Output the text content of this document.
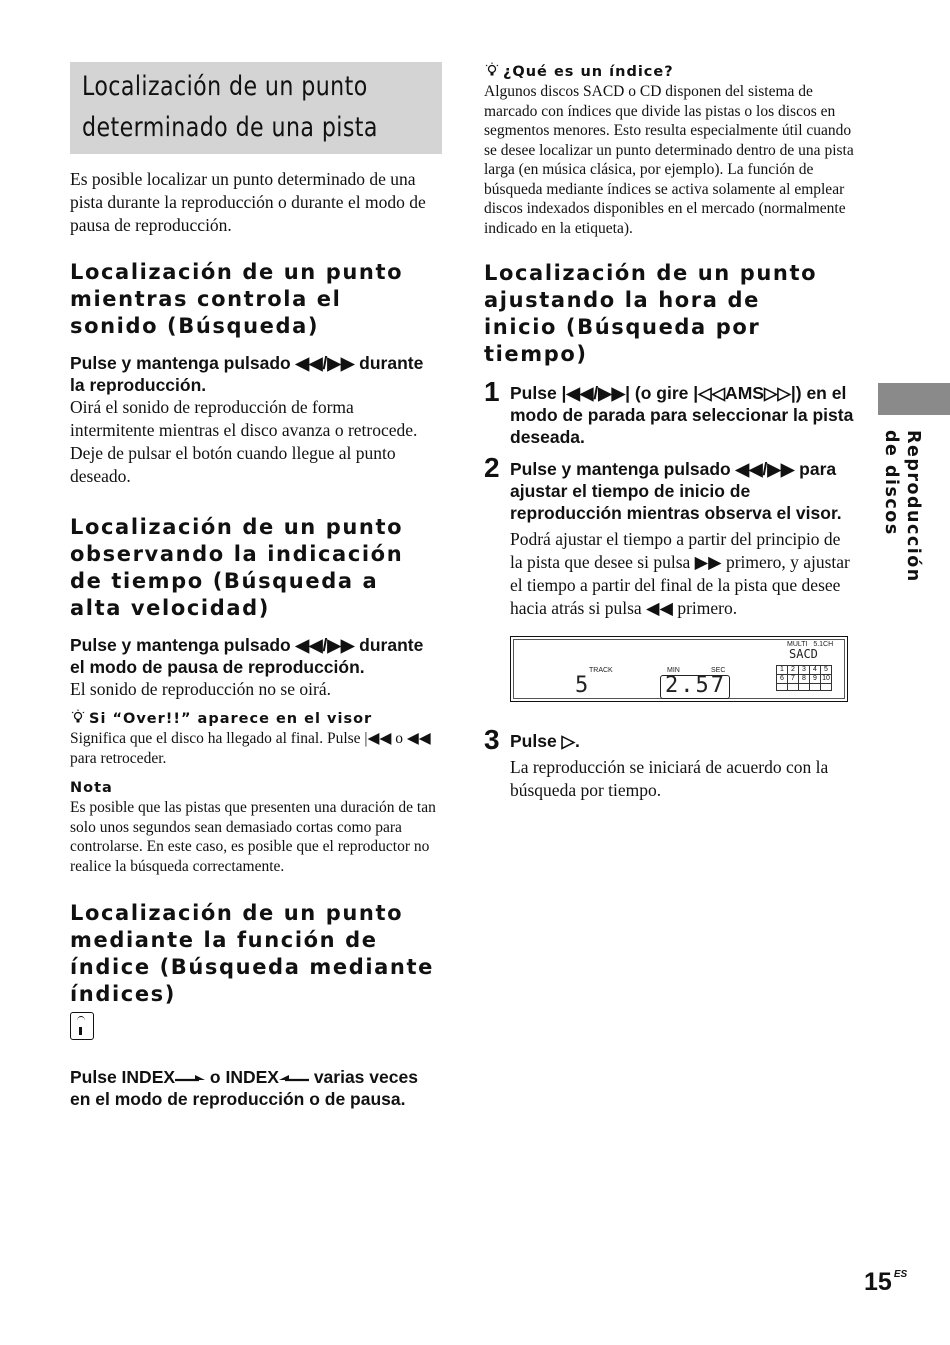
Localización de un punto
determinado de una pista

Es posible localizar un punto determinado de una pista durante la reproducción o durante el modo de pausa de reproducción.

Localización de un punto mientras controla el sonido (Búsqueda)

Pulse y mantenga pulsado ◀◀/▶▶ durante
la reproducción.

Oirá el sonido de reproducción de forma intermitente mientras el disco avanza o retrocede. Deje de pulsar el botón cuando llegue al punto deseado.

Localización de un punto observando la indicación de tiempo (Búsqueda a alta velocidad)

Pulse y mantenga pulsado ◀◀/▶▶ durante
el modo de pausa de reproducción.

El sonido de reproducción no se oirá.

Si “Over!!” aparece en el visor

Significa que el disco ha llegado al final. Pulse |◀◀ o ◀◀ para retroceder.

Nota

Es posible que las pistas que presenten una duración de tan solo unos segundos sean demasiado cortas como para controlarse. En este caso, es posible que el reproductor no realice la búsqueda correctamente.

Localización de un punto mediante la función de índice (Búsqueda mediante índices)

Pulse INDEX o INDEX varias veces
en el modo de reproducción o de pausa.

¿Qué es un índice?

Algunos discos SACD o CD disponen del sistema de marcado con índices que divide las pistas o los discos en segmentos menores. Esto resulta especialmente útil cuando se desee localizar un punto determinado dentro de una pista larga (en música clásica, por ejemplo). La función de búsqueda mediante índices se activa solamente al emplear discos indexados disponibles en el mercado (normalmente indicado en la etiqueta).

Localización de un punto ajustando la hora de inicio (Búsqueda por tiempo)
1 Pulse |◀◀/▶▶| (o gire |◁◁AMS▷▷|) en el modo de parada para seleccionar la pista deseada.

2 Pulse y mantenga pulsado ◀◀/▶▶ para ajustar el tiempo de inicio de reproducción mientras observa el visor.

Podrá ajustar el tiempo a partir del principio de la pista que desee si pulsa ▶▶ primero, y ajustar el tiempo a partir del final de la pista que desee hacia atrás si pulsa ◀◀ primero.

MULTI   5.1CH
SACD
TRACK	MIN	SEC
5	2.57
1	2	3	4	5
6	7	8	9	10

3 Pulse ▷.

La reproducción se iniciará de acuerdo con la búsqueda por tiempo.

Reproducción
de discos
15 $^{ES}$
